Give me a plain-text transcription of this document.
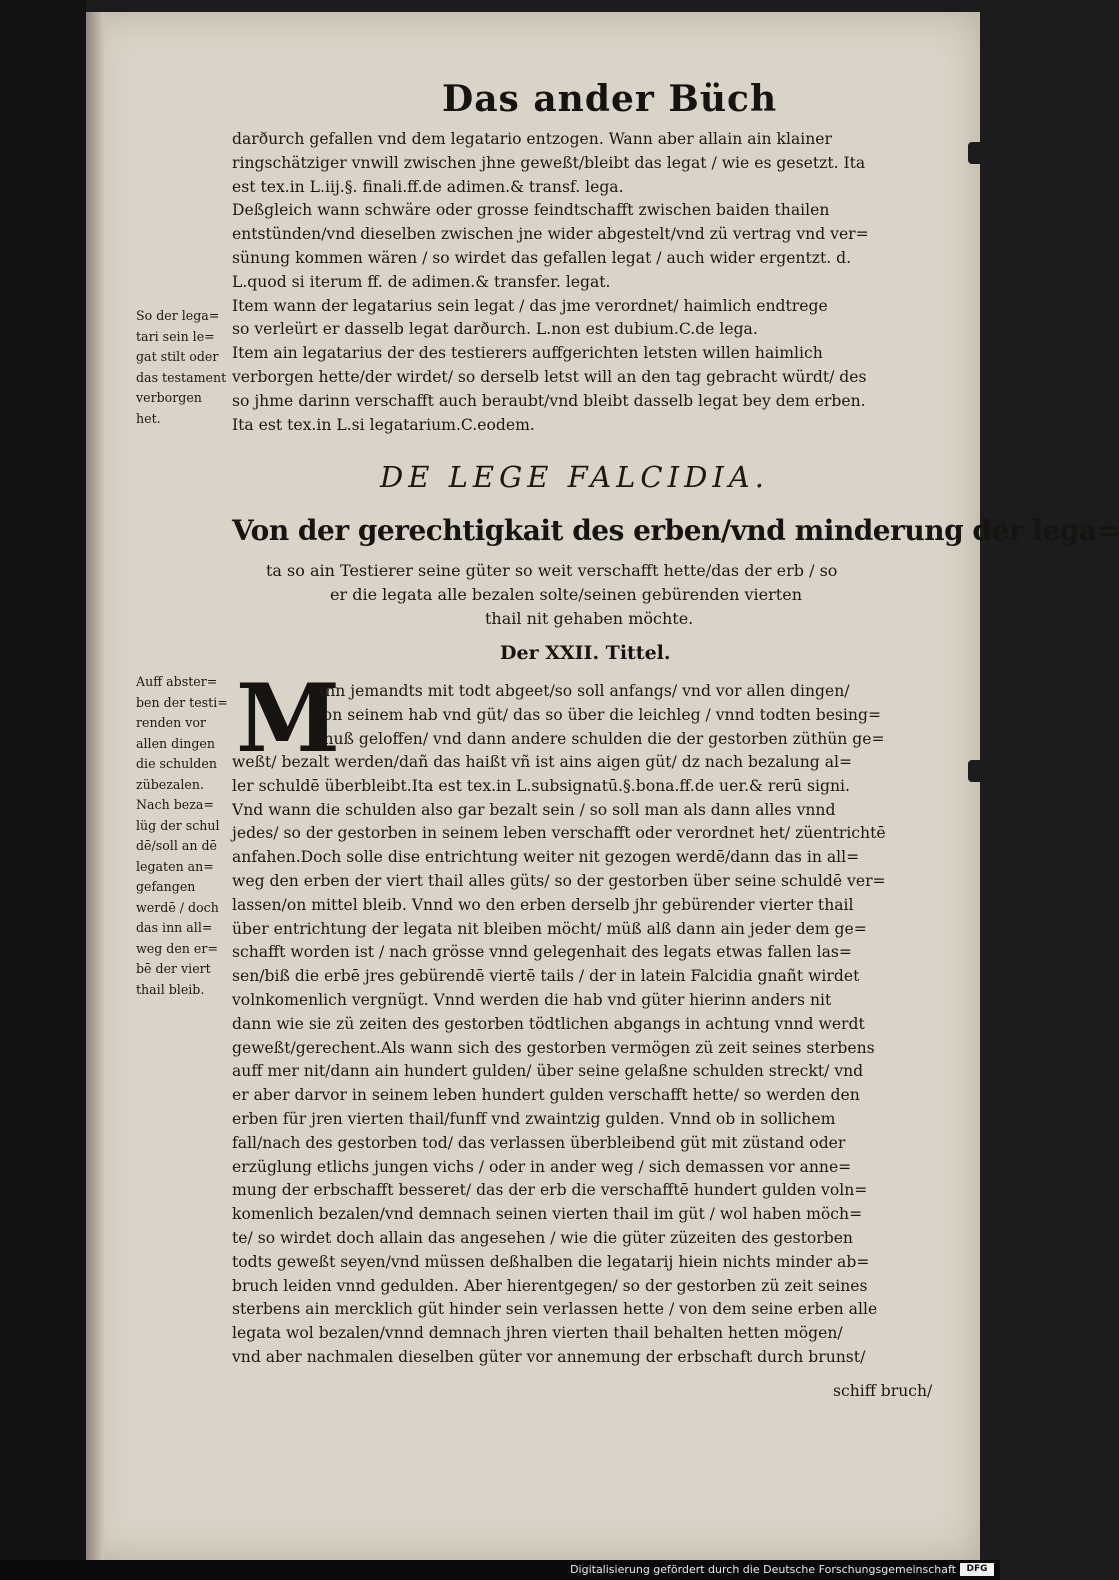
Das ander Büch
darðurch gefallen vnd dem legatario entzogen. Wann aber allain ain klainer
ringschätziger vnwill zwischen jhne geweßt/bleibt das legat / wie es gesetzt. Ita
est tex.in L.iij.§. finali.ff.de adimen.& transf. lega.
Deßgleich wann schwäre oder grosse feindtschafft zwischen baiden thailen
entstünden/vnd dieselben zwischen jne wider abgestelt/vnd zü vertrag vnd ver=
sünung kommen wären / so wirdet das gefallen legat / auch wider ergentzt. d.
L.quod si iterum ff. de adimen.& transfer. legat.
Item wann der legatarius sein legat / das jme verordnet/ haimlich endtrege
so verleürt er dasselb legat darðurch. L.non est dubium.C.de lega.
Item ain legatarius der des testierers auffgerichten letsten willen haimlich
verborgen hette/der wirdet/ so derselb letst will an den tag gebracht würdt/ des
so jhme darinn verschafft auch beraubt/vnd bleibt dasselb legat bey dem erben.
Ita est tex.in L.si legatarium.C.eodem.
So der lega=
tari sein le=
gat stilt oder
das testament
verborgen
het.
DE LEGE FALCIDIA.
Von der gerechtigkait des erben/vnd minderung der lega=
ta so ain Testierer seine güter so weit verschafft hette/das der erb / so
er die legata alle bezalen solte/seinen gebürenden vierten
thail nit gehaben möchte.
Der XXII. Tittel.
M
Ann jemandts mit todt abgeet/so soll anfangs/ vnd vor allen dingen/
von seinem hab vnd güt/ das so über die leichleg / vnnd todten besing=
knuß geloffen/ vnd dann andere schulden die der gestorben züthün ge=
weßt/ bezalt werden/dañ das haißt vñ ist ains aigen güt/ dz nach bezalung al=
ler schuldē überbleibt.Ita est tex.in L.subsignatū.§.bona.ff.de uer.& rerū signi.
Vnd wann die schulden also gar bezalt sein / so soll man als dann alles vnnd
jedes/ so der gestorben in seinem leben verschafft oder verordnet het/ züentrichtē
anfahen.Doch solle dise entrichtung weiter nit gezogen werdē/dann das in all=
weg den erben der viert thail alles güts/ so der gestorben über seine schuldē ver=
lassen/on mittel bleib. Vnnd wo den erben derselb jhr gebürender vierter thail
über entrichtung der legata nit bleiben möcht/ müß alß dann ain jeder dem ge=
schafft worden ist / nach grösse vnnd gelegenhait des legats etwas fallen las=
sen/biß die erbē jres gebürendē viertē tails / der in latein Falcidia gnañt wirdet
volnkomenlich vergnügt. Vnnd werden die hab vnd güter hierinn anders nit
dann wie sie zü zeiten des gestorben tödtlichen abgangs in achtung vnnd werdt
geweßt/gerechent.Als wann sich des gestorben vermögen zü zeit seines sterbens
auff mer nit/dann ain hundert gulden/ über seine gelaßne schulden streckt/ vnd
er aber darvor in seinem leben hundert gulden verschafft hette/ so werden den
erben für jren vierten thail/funff vnd zwaintzig gulden. Vnnd ob in sollichem
fall/nach des gestorben tod/ das verlassen überbleibend güt mit züstand oder
erzüglung etlichs jungen vichs / oder in ander weg / sich demassen vor anne=
mung der erbschafft besseret/ das der erb die verschafftē hundert gulden voln=
komenlich bezalen/vnd demnach seinen vierten thail im güt / wol haben möch=
te/ so wirdet doch allain das angesehen / wie die güter züzeiten des gestorben
todts geweßt seyen/vnd müssen deßhalben die legatarij hiein nichts minder ab=
bruch leiden vnnd gedulden. Aber hierentgegen/ so der gestorben zü zeit seines
sterbens ain mercklich güt hinder sein verlassen hette / von dem seine erben alle
legata wol bezalen/vnnd demnach jhren vierten thail behalten hetten mögen/
vnd aber nachmalen dieselben güter vor annemung der erbschaft durch brunst/
Auff abster=
ben der testi=
renden vor
allen dingen
die schulden
zübezalen.
Nach beza=
lüg der schul
dē/soll an dē
legaten an=
gefangen
werdē / doch
das inn all=
weg den er=
bē der viert
thail bleib.
schiff bruch/
Digitalisierung gefördert durch die Deutsche Forschungsgemeinschaft	DFG
